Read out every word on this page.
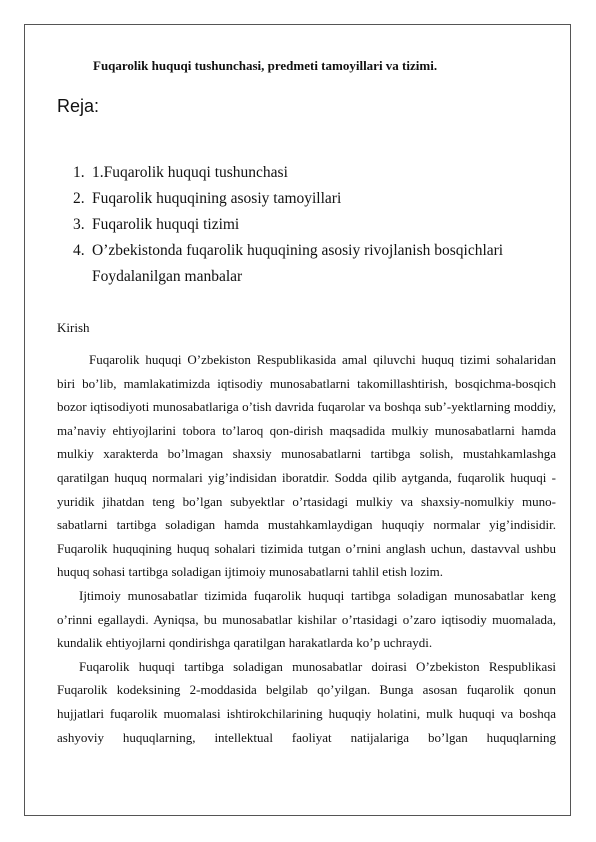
Fuqarolik huquqi tushunchasi, predmeti tamoyillari va tizimi.
Reja:
1. 1.Fuqarolik huquqi tushunchasi
2. Fuqarolik huquqining asosiy tamoyillari
3. Fuqarolik huquqi tizimi
4. O’zbekistonda fuqarolik huquqining asosiy rivojlanish bosqichlari
Foydalanilgan manbalar
Kirish

Fuqarolik huquqi O’zbekiston Respublikasida amal qiluvchi huquq tizimi sohalaridan biri bo’lib, mamlakatimizda iqtisodiy munosabatlarni takomillashtirish, bosqichma-bosqich bozor iqtisodiyoti munosabatlariga o’tish davrida fuqarolar va boshqa sub’-yektlarning moddiy, ma’naviy ehtiyojlarini tobora to’laroq qon-dirish maqsadida mulkiy munosabatlarni hamda mulkiy xarakterda bo’lmagan shaxsiy munosabatlarni tartibga solish, mustahkamlashga qaratilgan huquq normalari yig’indisidan iboratdir. Sodda qilib aytganda, fuqarolik huquqi - yuridik jihatdan teng bo’lgan subyektlar o’rtasidagi mulkiy va shaxsiy-nomulkiy muno-sabatlarni tartibga soladigan hamda mustahkamlaydigan huquqiy normalar yig’indisidir. Fuqarolik huquqining huquq sohalari tizimida tutgan o’rnini anglash uchun, dastavval ushbu huquq sohasi tartibga soladigan ijtimoiy munosabatlarni tahlil etish lozim.

Ijtimoiy munosabatlar tizimida fuqarolik huquqi tartibga soladigan munosabatlar keng o’rinni egallaydi. Ayniqsa, bu munosabatlar kishilar o’rtasidagi o’zaro iqtisodiy muomalada, kundalik ehtiyojlarni qondirishga qaratilgan harakatlarda ko’p uchraydi.

Fuqarolik huquqi tartibga soladigan munosabatlar doirasi O’zbekiston Respublikasi Fuqarolik kodeksining 2-moddasida belgilab qo’yilgan. Bunga asosan fuqarolik qonun hujjatlari fuqarolik muomalasi ishtirokchilarining huquqiy holatini, mulk huquqi va boshqa ashyoviy huquqlarning, intellektual faoliyat natijalariga bo’lgan huquqlarning
